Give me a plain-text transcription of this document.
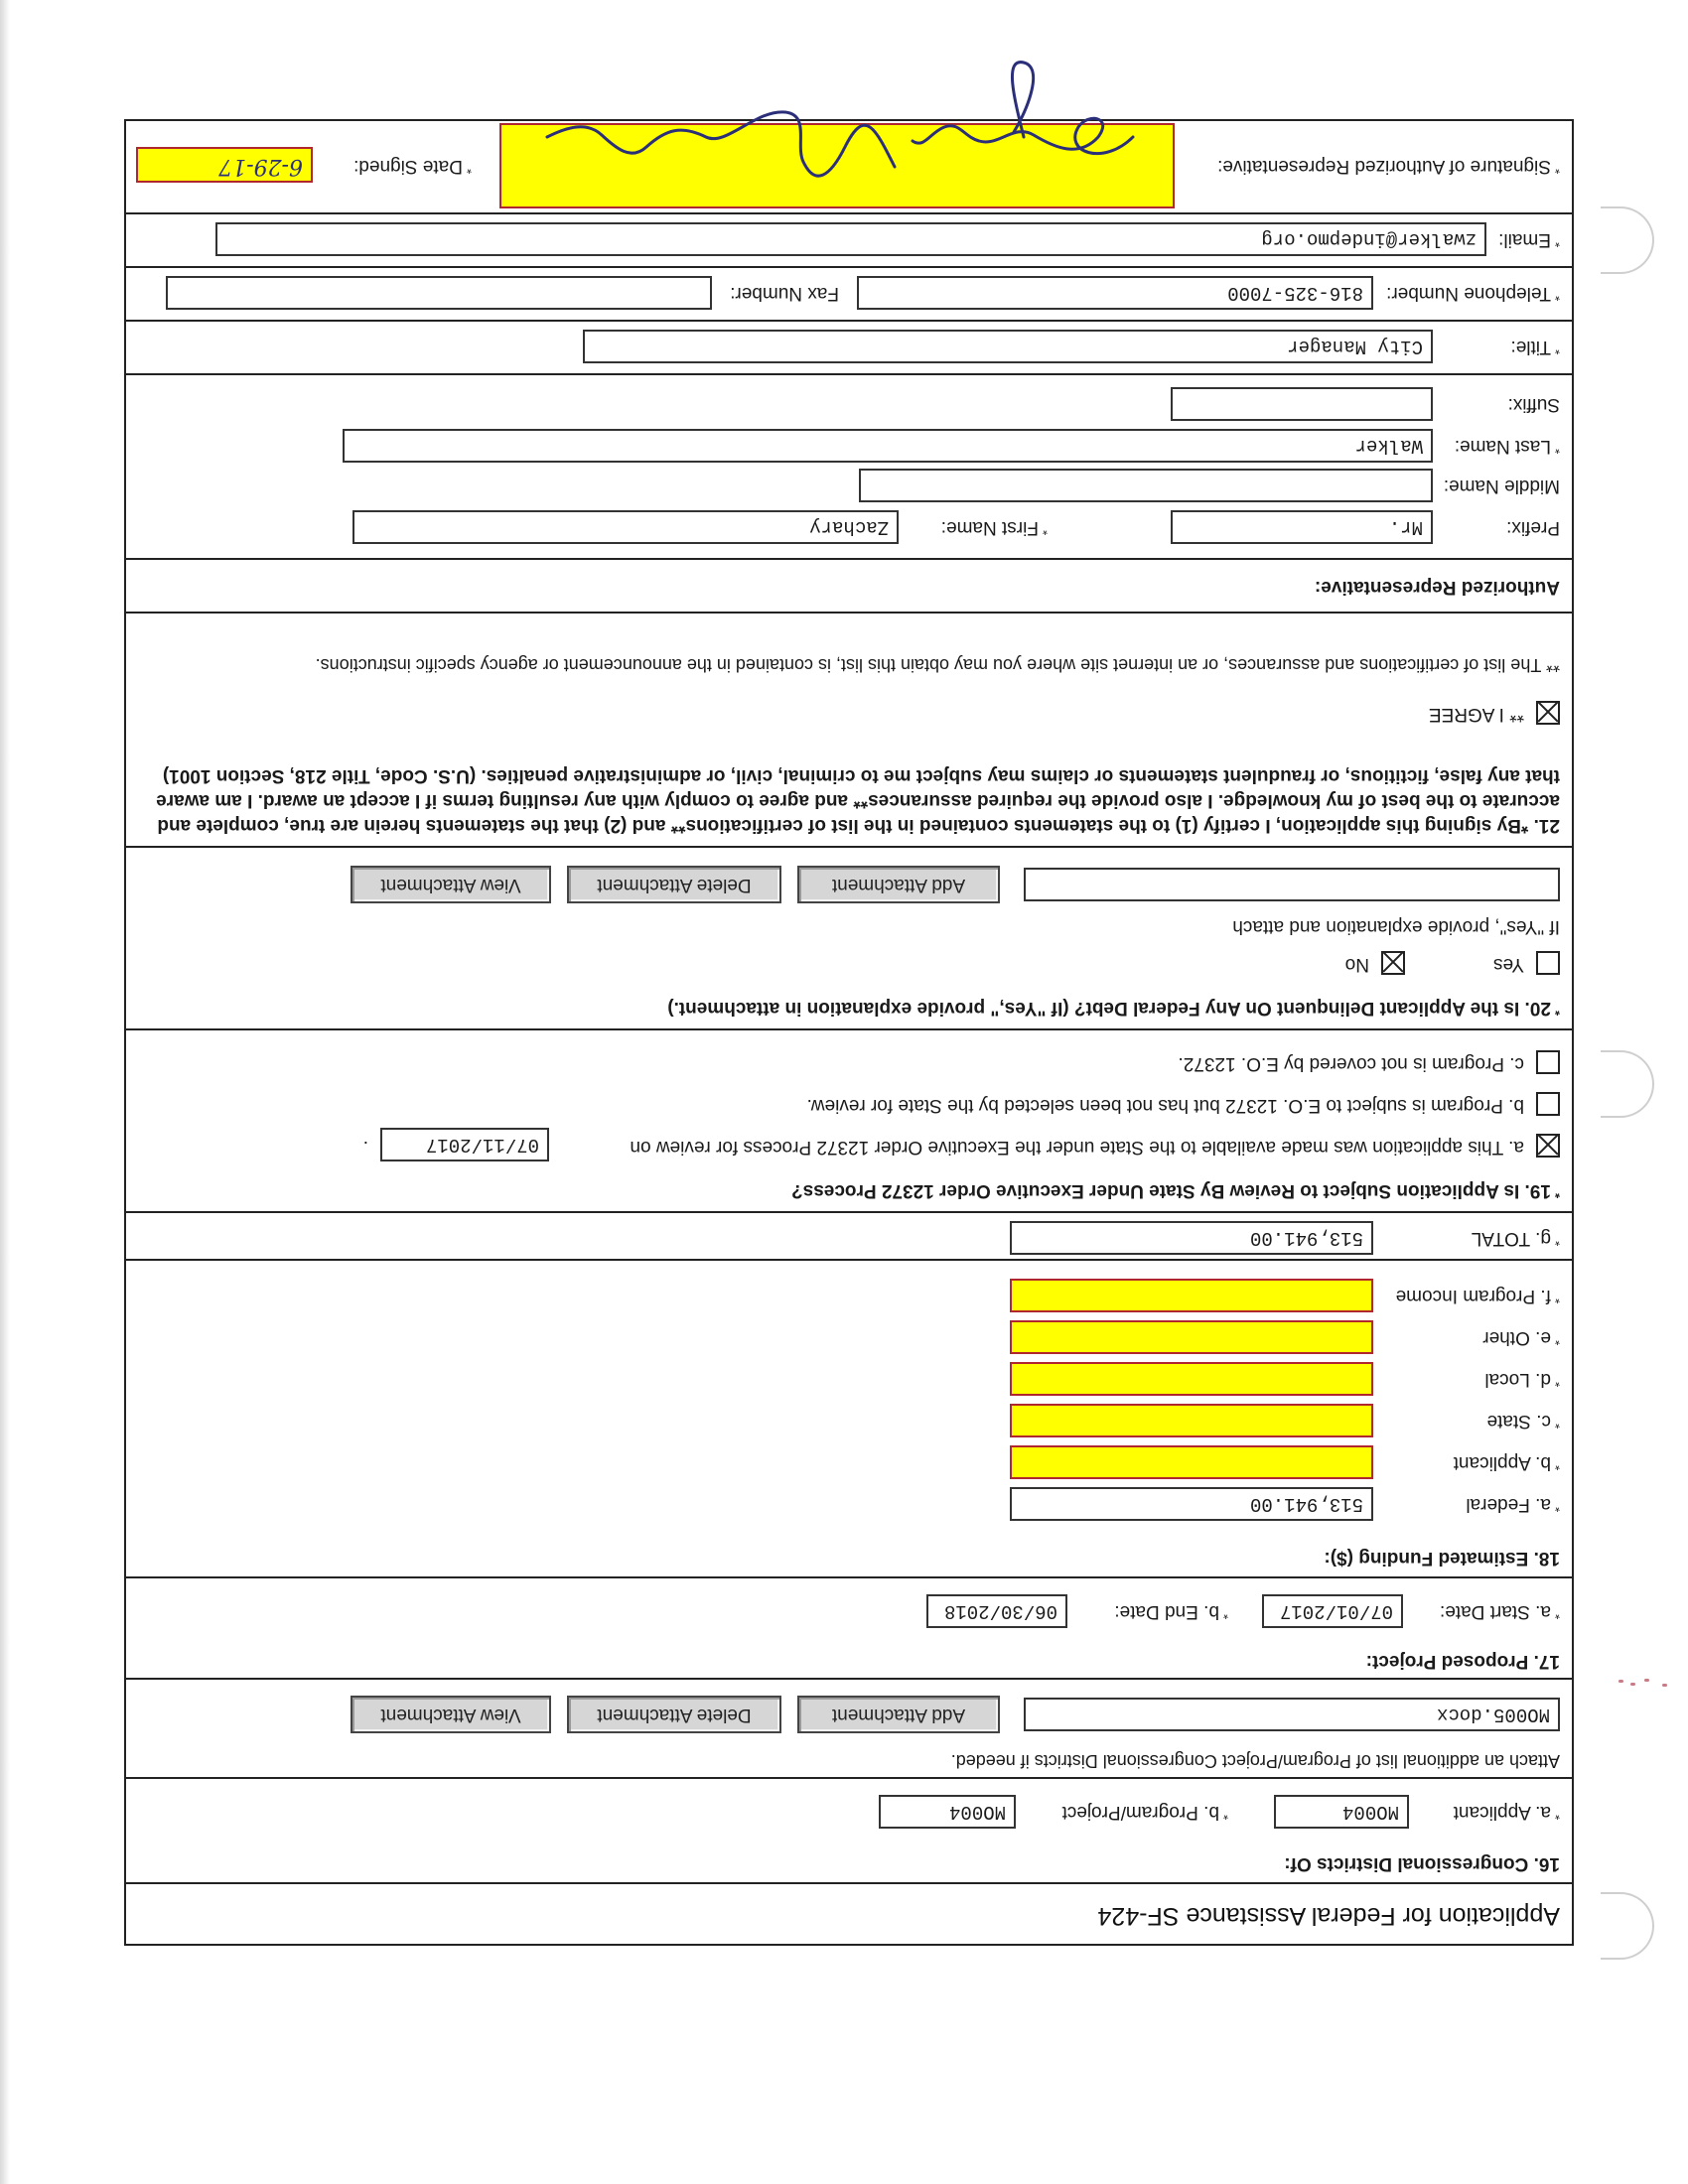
Application for Federal Assistance SF-424
16. Congressional Districts Of:
*a. Applicant
MO004
*b. Program/Project
MO004
Attach an additional list of Program/Project Congressional Districts if needed.
MO005.docx
Add Attachment
Delete Attachment
View Attachment
17. Proposed Project:
*a. Start Date:
07/01/2017
*b. End Date:
06/30/2018
18. Estimated Funding ($):
*a. Federal
513,941.00
*b. Applicant
*c. State
*d. Local
*e. Other
*f. Program Income
*g. TOTAL
513,941.00
*19. Is Application Subject to Review By State Under Executive Order 12372 Process?
a. This application was made available to the State under the Executive Order 12372 Process for review on
07/11/2017
.
b. Program is subject to E.O. 12372 but has not been selected by the State for review.
c. Program is not covered by E.O. 12372.
*20. Is the Applicant Delinquent On Any Federal Debt? (If "Yes," provide explanation in attachment.)
Yes
No
If "Yes", provide explanation and attach
Add Attachment
Delete Attachment
View Attachment
21. *By signing this application, I certify (1) to the statements contained in the list of certifications** and (2) that the statements herein are true, complete and accurate to the best of my knowledge. I also provide the required assurances** and agree to comply with any resulting terms if I accept an award. I am aware that any false, fictitious, or fraudulent statements or claims may subject me to criminal, civil, or administrative penalties. (U.S. Code, Title 218, Section 1001)
** I AGREE
** The list of certifications and assurances, or an internet site where you may obtain this list, is contained in the announcement or agency specific instructions.
Authorized Representative:
Prefix:
Mr.
*First Name:
Zachary
Middle Name:
*Last Name:
Walker
Suffix:
*Title:
City Manager
*Telephone Number:
816-325-7000
Fax Number:
*Email:
zwalker@indepmo.org
*Signature of Authorized Representative:
*Date Signed:
6-29-17
